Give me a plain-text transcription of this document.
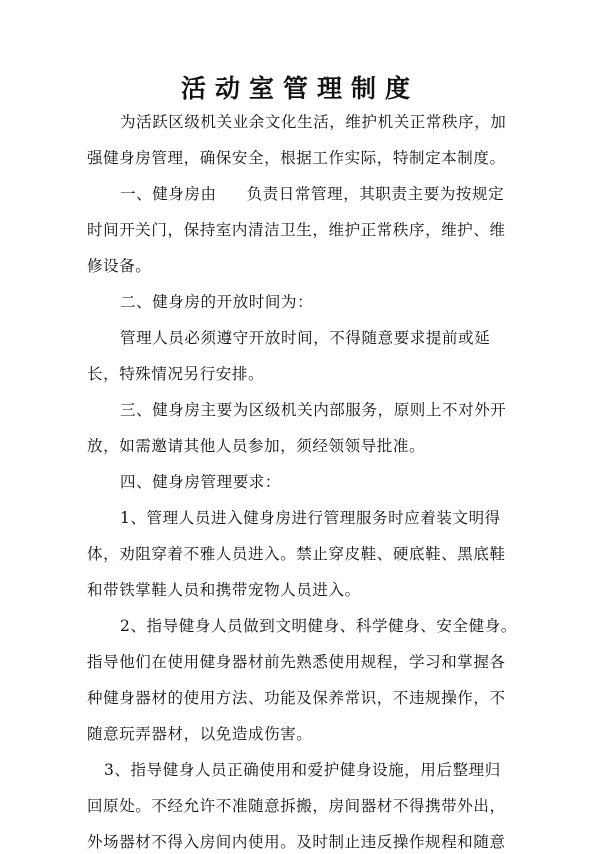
活动室管理制度
为活跃区级机关业余文化生活，维护机关正常秩序，加
强健身房管理，确保安全，根据工作实际，特制定本制度。
一、健身房由 负责日常管理，其职责主要为按规定
时间开关门，保持室内清洁卫生，维护正常秩序，维护、维
修设备。
二、健身房的开放时间为：
管理人员必须遵守开放时间，不得随意要求提前或延
长，特殊情况另行安排。
三、健身房主要为区级机关内部服务，原则上不对外开
放，如需邀请其他人员参加，须经领领导批准。
四、健身房管理要求：
1、管理人员进入健身房进行管理服务时应着装文明得
体，劝阻穿着不雅人员进入。禁止穿皮鞋、硬底鞋、黑底鞋
和带铁掌鞋人员和携带宠物人员进入。
2、指导健身人员做到文明健身、科学健身、安全健身。
指导他们在使用健身器材前先熟悉使用规程，学习和掌握各
种健身器材的使用方法、功能及保养常识，不违规操作，不
随意玩弄器材，以免造成伤害。
3、指导健身人员正确使用和爱护健身设施，用后整理归
回原处。不经允许不准随意拆搬，房间器材不得携带外出，
外场器材不得入房间内使用。及时制止违反操作规程和随意
